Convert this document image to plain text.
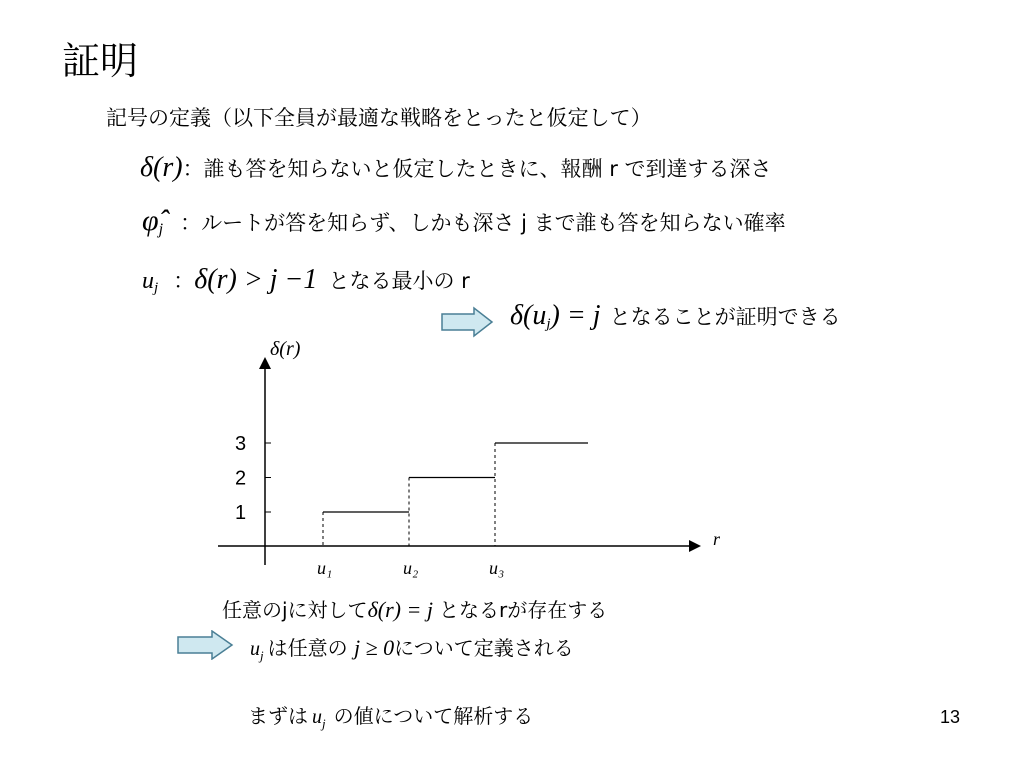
証明
記号の定義（以下全員が最適な戦略をとったと仮定して）
δ(r)：誰も答を知らないと仮定したときに、報酬 r で到達する深さ
$\varphî_j$ ：ルートが答を知らず、しかも深さ j まで誰も答を知らない確率
$u_j$ ：δ(r) > j −1 となる最小の r
$\delta(u_j) = j$ となることが証明できる
δ(r)
r
1
2
3
u₁	u₂	u₃
任意のjに対してδ(r) = j となるrが存在する
$u_j$ は任意の j ≥ 0について定義される
まずは $u_j$ の値について解析する	13
